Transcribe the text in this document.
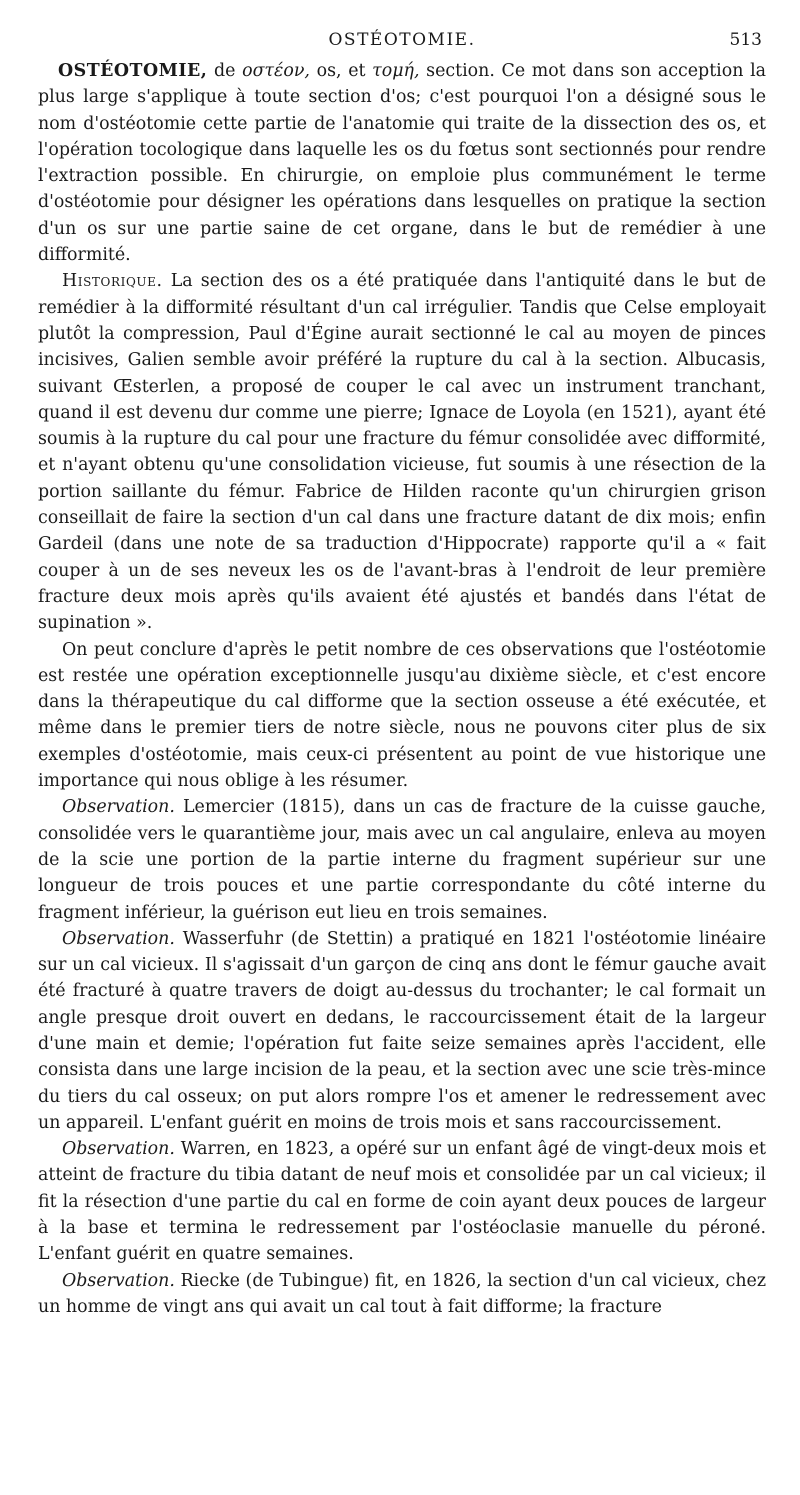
OSTÉOTOMIE.	513

OSTÉOTOMIE, de οστέον, os, et τομή, section. Ce mot dans son acception la plus large s'applique à toute section d'os; c'est pourquoi l'on a désigné sous le nom d'ostéotomie cette partie de l'anatomie qui traite de la dissection des os, et l'opération tocologique dans laquelle les os du fœtus sont sectionnés pour rendre l'extraction possible. En chirurgie, on emploie plus communément le terme d'ostéotomie pour désigner les opérations dans lesquelles on pratique la section d'un os sur une partie saine de cet organe, dans le but de remédier à une difformité.

Historique. La section des os a été pratiquée dans l'antiquité dans le but de remédier à la difformité résultant d'un cal irrégulier. Tandis que Celse employait plutôt la compression, Paul d'Égine aurait sectionné le cal au moyen de pinces incisives, Galien semble avoir préféré la rupture du cal à la section. Albucasis, suivant Œsterlen, a proposé de couper le cal avec un instrument tranchant, quand il est devenu dur comme une pierre; Ignace de Loyola (en 1521), ayant été soumis à la rupture du cal pour une fracture du fémur consolidée avec difformité, et n'ayant obtenu qu'une consolidation vicieuse, fut soumis à une résection de la portion saillante du fémur. Fabrice de Hilden raconte qu'un chirurgien grison conseillait de faire la section d'un cal dans une fracture datant de dix mois; enfin Gardeil (dans une note de sa traduction d'Hippocrate) rapporte qu'il a « fait couper à un de ses neveux les os de l'avant-bras à l'endroit de leur première fracture deux mois après qu'ils avaient été ajustés et bandés dans l'état de supination ».

On peut conclure d'après le petit nombre de ces observations que l'ostéotomie est restée une opération exceptionnelle jusqu'au dixième siècle, et c'est encore dans la thérapeutique du cal difforme que la section osseuse a été exécutée, et même dans le premier tiers de notre siècle, nous ne pouvons citer plus de six exemples d'ostéotomie, mais ceux-ci présentent au point de vue historique une importance qui nous oblige à les résumer.

Observation. Lemercier (1815), dans un cas de fracture de la cuisse gauche, consolidée vers le quarantième jour, mais avec un cal angulaire, enleva au moyen de la scie une portion de la partie interne du fragment supérieur sur une longueur de trois pouces et une partie correspondante du côté interne du fragment inférieur, la guérison eut lieu en trois semaines.

Observation. Wasserfuhr (de Stettin) a pratiqué en 1821 l'ostéotomie linéaire sur un cal vicieux. Il s'agissait d'un garçon de cinq ans dont le fémur gauche avait été fracturé à quatre travers de doigt au-dessus du trochanter; le cal formait un angle presque droit ouvert en dedans, le raccourcissement était de la largeur d'une main et demie; l'opération fut faite seize semaines après l'accident, elle consista dans une large incision de la peau, et la section avec une scie très-mince du tiers du cal osseux; on put alors rompre l'os et amener le redressement avec un appareil. L'enfant guérit en moins de trois mois et sans raccourcissement.

Observation. Warren, en 1823, a opéré sur un enfant âgé de vingt-deux mois et atteint de fracture du tibia datant de neuf mois et consolidée par un cal vicieux; il fit la résection d'une partie du cal en forme de coin ayant deux pouces de largeur à la base et termina le redressement par l'ostéoclasie manuelle du péroné. L'enfant guérit en quatre semaines.

Observation. Riecke (de Tubingue) fit, en 1826, la section d'un cal vicieux, chez un homme de vingt ans qui avait un cal tout à fait difforme; la fracture
